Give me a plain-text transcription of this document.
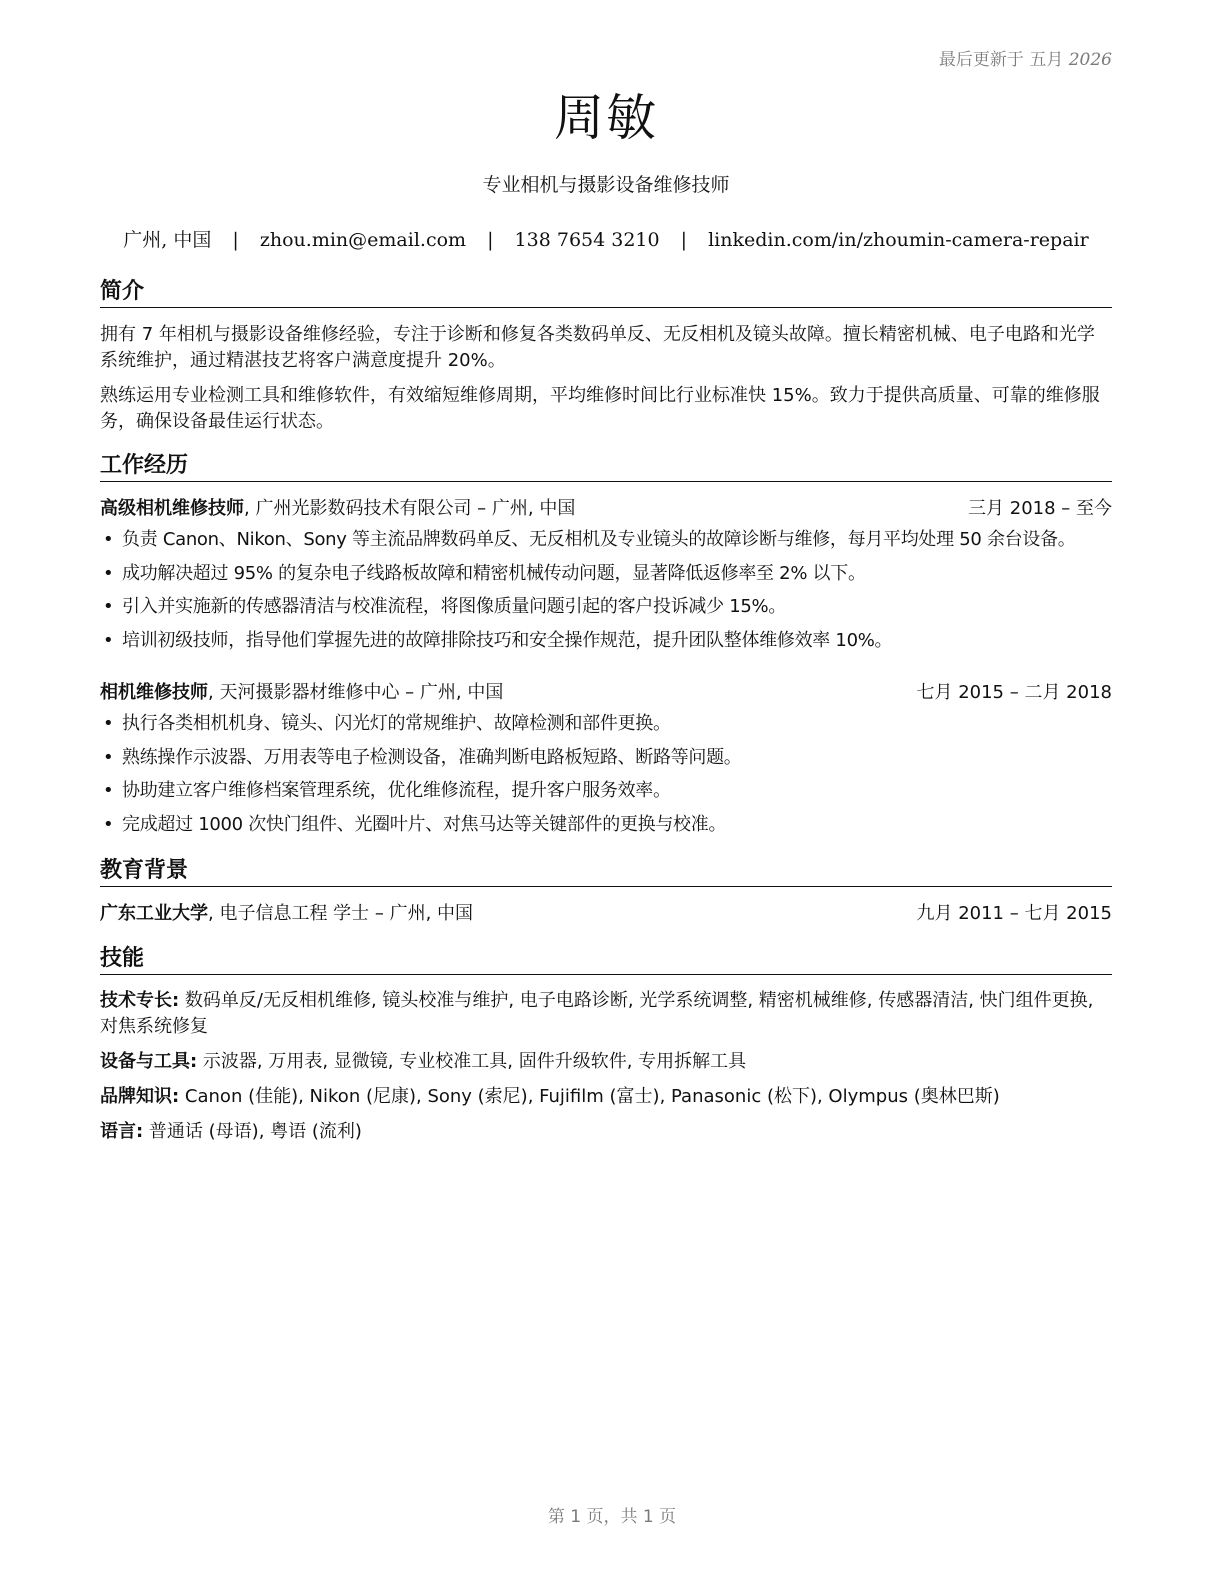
最后更新于 五月 2026
周敏
专业相机与摄影设备维修技师
广州, 中国 | zhou.min@email.com | 138 7654 3210 | linkedin.com/in/zhoumin-camera-repair
简介
拥有 7 年相机与摄影设备维修经验，专注于诊断和修复各类数码单反、无反相机及镜头故障。擅长精密机械、电子电路和光学系统维护，通过精湛技艺将客户满意度提升 20%。
熟练运用专业检测工具和维修软件，有效缩短维修周期，平均维修时间比行业标准快 15%。致力于提供高质量、可靠的维修服务，确保设备最佳运行状态。
工作经历
高级相机维修技师, 广州光影数码技术有限公司 – 广州, 中国	三月 2018 – 至今
• 负责 Canon、Nikon、Sony 等主流品牌数码单反、无反相机及专业镜头的故障诊断与维修，每月平均处理 50 余台设备。
• 成功解决超过 95% 的复杂电子线路板故障和精密机械传动问题，显著降低返修率至 2% 以下。
• 引入并实施新的传感器清洁与校准流程，将图像质量问题引起的客户投诉减少 15%。
• 培训初级技师，指导他们掌握先进的故障排除技巧和安全操作规范，提升团队整体维修效率 10%。
相机维修技师, 天河摄影器材维修中心 – 广州, 中国	七月 2015 – 二月 2018
• 执行各类相机机身、镜头、闪光灯的常规维护、故障检测和部件更换。
• 熟练操作示波器、万用表等电子检测设备，准确判断电路板短路、断路等问题。
• 协助建立客户维修档案管理系统，优化维修流程，提升客户服务效率。
• 完成超过 1000 次快门组件、光圈叶片、对焦马达等关键部件的更换与校准。
教育背景
广东工业大学, 电子信息工程 学士 – 广州, 中国	九月 2011 – 七月 2015
技能
技术专长: 数码单反/无反相机维修, 镜头校准与维护, 电子电路诊断, 光学系统调整, 精密机械维修, 传感器清洁, 快门组件更换, 对焦系统修复
设备与工具: 示波器, 万用表, 显微镜, 专业校准工具, 固件升级软件, 专用拆解工具
品牌知识: Canon (佳能), Nikon (尼康), Sony (索尼), Fujifilm (富士), Panasonic (松下), Olympus (奥林巴斯)
语言: 普通话 (母语), 粤语 (流利)
第 1 页，共 1 页
